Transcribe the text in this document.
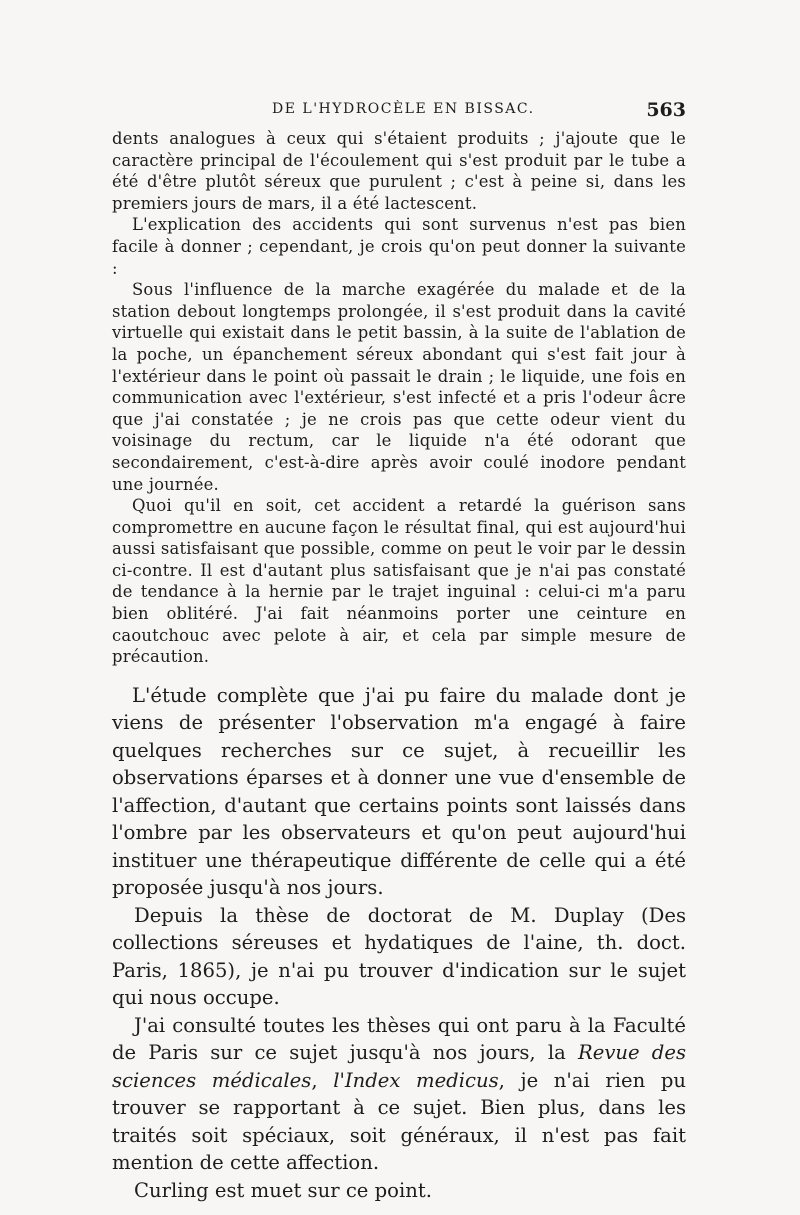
DE L'HYDROCÈLE EN BISSAC.	563

dents analogues à ceux qui s'étaient produits ; j'ajoute que le caractère principal de l'écoulement qui s'est produit par le tube a été d'être plutôt séreux que purulent ; c'est à peine si, dans les premiers jours de mars, il a été lactescent.

L'explication des accidents qui sont survenus n'est pas bien facile à donner ; cependant, je crois qu'on peut donner la suivante :

Sous l'influence de la marche exagérée du malade et de la station debout longtemps prolongée, il s'est produit dans la cavité virtuelle qui existait dans le petit bassin, à la suite de l'ablation de la poche, un épanchement séreux abondant qui s'est fait jour à l'extérieur dans le point où passait le drain ; le liquide, une fois en communication avec l'extérieur, s'est infecté et a pris l'odeur âcre que j'ai constatée ; je ne crois pas que cette odeur vient du voisinage du rectum, car le liquide n'a été odorant que secondairement, c'est-à-dire après avoir coulé inodore pendant une journée.

Quoi qu'il en soit, cet accident a retardé la guérison sans compromettre en aucune façon le résultat final, qui est aujourd'hui aussi satisfaisant que possible, comme on peut le voir par le dessin ci-contre. Il est d'autant plus satisfaisant que je n'ai pas constaté de tendance à la hernie par le trajet inguinal : celui-ci m'a paru bien oblitéré. J'ai fait néanmoins porter une ceinture en caoutchouc avec pelote à air, et cela par simple mesure de précaution.

L'étude complète que j'ai pu faire du malade dont je viens de présenter l'observation m'a engagé à faire quelques recherches sur ce sujet, à recueillir les observations éparses et à donner une vue d'ensemble de l'affection, d'autant que certains points sont laissés dans l'ombre par les observateurs et qu'on peut aujourd'hui instituer une thérapeutique différente de celle qui a été proposée jusqu'à nos jours.

Depuis la thèse de doctorat de M. Duplay (Des collections séreuses et hydatiques de l'aine, th. doct. Paris, 1865), je n'ai pu trouver d'indication sur le sujet qui nous occupe.

J'ai consulté toutes les thèses qui ont paru à la Faculté de Paris sur ce sujet jusqu'à nos jours, la Revue des sciences médicales, l'Index medicus, je n'ai rien pu trouver se rapportant à ce sujet. Bien plus, dans les traités soit spéciaux, soit généraux, il n'est pas fait mention de cette affection.

Curling est muet sur ce point.
